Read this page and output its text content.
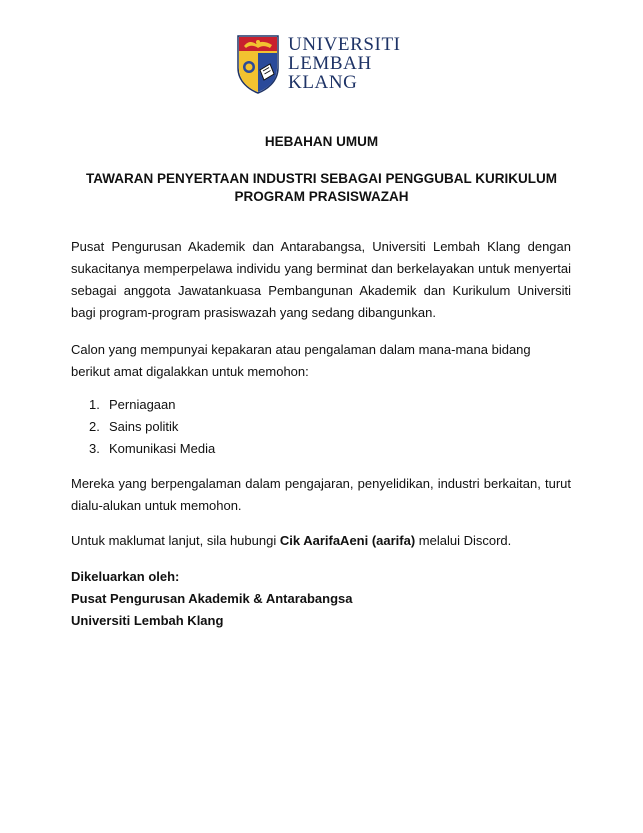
UNIVERSITI
LEMBAH
KLANG
HEBAHAN UMUM
TAWARAN PENYERTAAN INDUSTRI SEBAGAI PENGGUBAL KURIKULUM
PROGRAM PRASISWAZAH
Pusat Pengurusan Akademik dan Antarabangsa, Universiti Lembah Klang dengan sukacitanya memperpelawa individu yang berminat dan berkelayakan untuk menyertai sebagai anggota Jawatankuasa Pembangunan Akademik dan Kurikulum Universiti bagi program-program prasiswazah yang sedang dibangunkan.
Calon yang mempunyai kepakaran atau pengalaman dalam mana-mana bidang berikut amat digalakkan untuk memohon:
1. Perniagaan
2. Sains politik
3. Komunikasi Media
Mereka yang berpengalaman dalam pengajaran, penyelidikan, industri berkaitan, turut dialu-alukan untuk memohon.
Untuk maklumat lanjut, sila hubungi Cik AarifaAeni (aarifa) melalui Discord.
Dikeluarkan oleh:
Pusat Pengurusan Akademik & Antarabangsa
Universiti Lembah Klang
